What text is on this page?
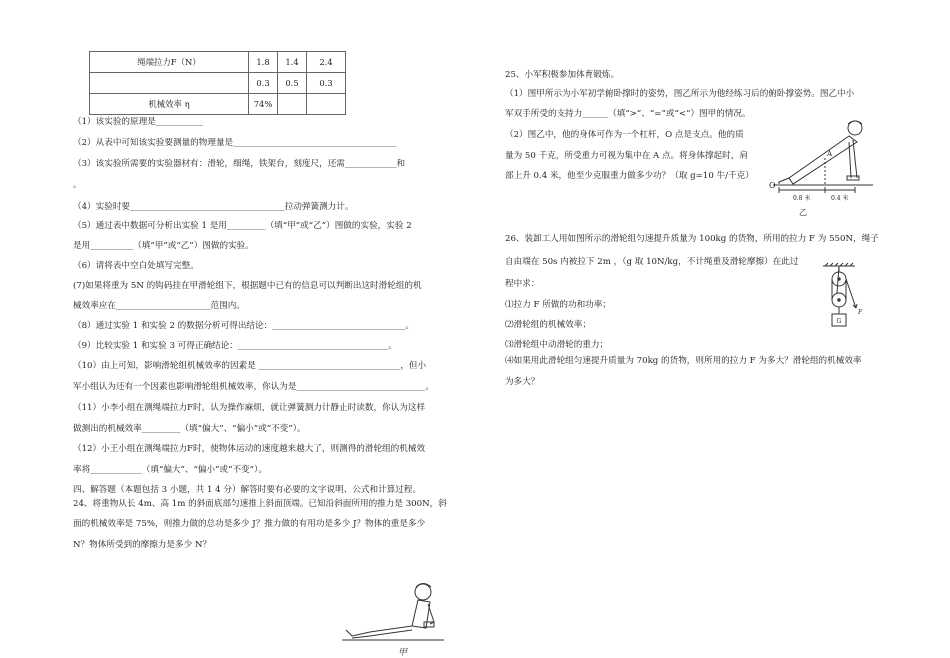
绳端拉力F（N）	1.8	1.4	2.4
	0.3	0.5	0.3
机械效率 η	74%		
（1）该实验的原理是___________
（2）从表中可知该实验要测量的物理量是______________________________________
（3）该实验所需要的实验器材有：滑轮，细绳，铁架台，刻度尺，还需____________和
。
（4）实验时要____________________________________拉动弹簧测力计。
（5）通过表中数据可分析出实验 1 是用_________（填“甲”或“乙”）图做的实验，实验 2
是用__________（填“甲”或“乙”）图做的实验。
（6）请将表中空白处填写完整。
(7)如果将重为 5N 的钩码挂在甲滑轮组下，根据题中已有的信息可以判断出这时滑轮组的机
械效率应在______________________范围内。
（8）通过实验 1 和实验 2 的数据分析可得出结论：_______________________________。
（9）比较实验 1 和实验 3 可得正确结论：___________________________________。
（10）由上可知，影响滑轮组机械效率的因素是 _________________________________，但小
军小组认为还有一个因素也影响滑轮组机械效率，你认为是______________________________。
（11）小李小组在测绳端拉力F时，认为操作麻烦，就让弹簧测力计静止时读数，你认为这样
做测出的机械效率_________（填“偏大”、“偏小”或“不变”）。
（12）小王小组在测绳端拉力F时，使物体运动的速度越来越大了，则测得的滑轮组的机械效
率将____________（填“偏大”、“偏小”或“不变”）。
四、解答题（本题包括 3 小题，共 1 4 分）解答时要有必要的文字说明、公式和计算过程。
24、将重物从长 4m、高 1m 的斜面底部匀速推上斜面顶端。已知沿斜面所用的推力是 300N，斜
面的机械效率是 75%，则推力做的总功是多少 J？推力做的有用功是多少 J？物体的重是多少
N？物体所受到的摩擦力是多少 N？
甲
25、小军积极参加体育锻炼。
（1）图甲所示为小军初学俯卧撑时的姿势，图乙所示为他经练习后的俯卧撑姿势。图乙中小
军双手所受的支持力______（填“>”、“=”或“<”）图甲的情况。
（2）图乙中，他的身体可作为一个杠杆，O 点是支点。他的质
量为 50 千克，所受重力可视为集中在 A 点。将身体撑起时，肩
部上升 0.4 米，他至少克服重力做多少功？（取 g=10 牛/千克）
26、装卸工人用如图所示的滑轮组匀速提升质量为 100kg 的货物，所用的拉力 F 为 550N，绳子
自由端在 50s 内被拉下 2m ，（g 取 10N/kg，不计绳重及滑轮摩擦）在此过
程中求：
⑴拉力 F 所做的功和功率；
⑵滑轮组的机械效率；
⑶滑轮组中动滑轮的重力；
⑷如果用此滑轮组匀速提升质量为 70kg 的货物，则所用的拉力 F 为多大？滑轮组的机械效率
为多大？
O
A
0.8 米	0.4 米
乙
G
F
